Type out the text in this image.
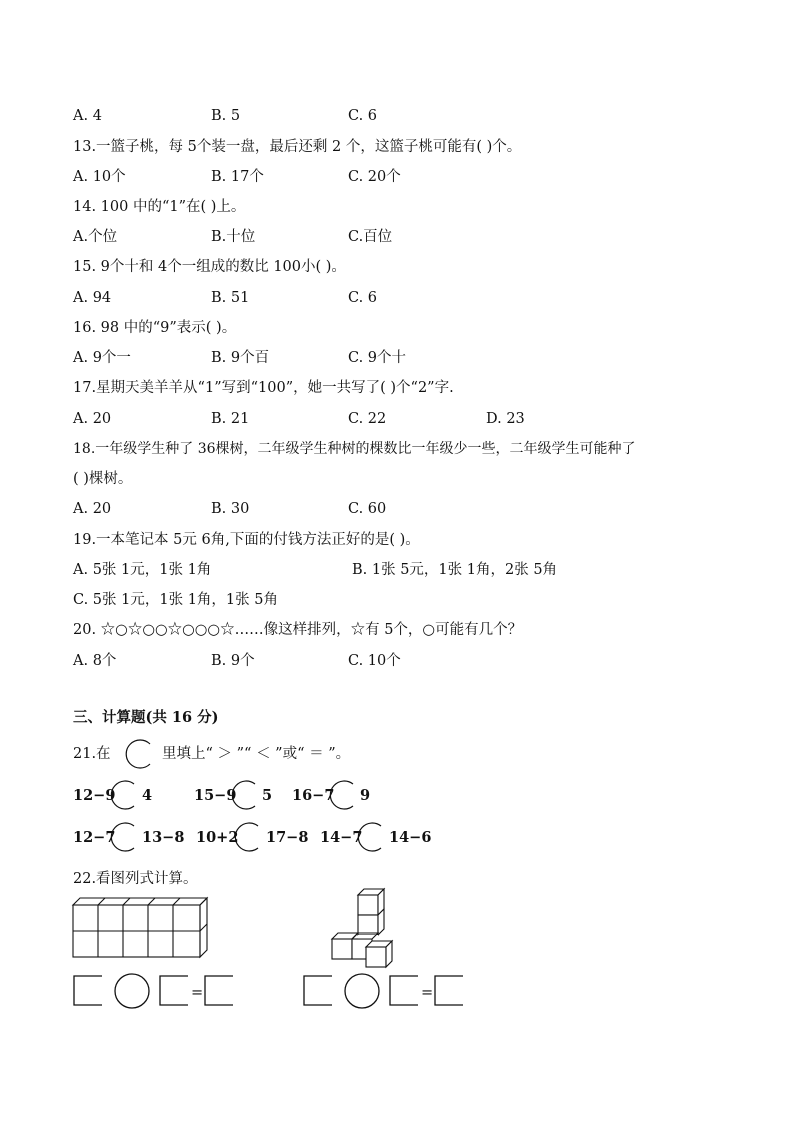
A. 4	B. 5	C. 6
13.一篮子桃，每 5个装一盘，最后还剩 2 个，这篮子桃可能有( )个。
A. 10个	B. 17个	C. 20个
14. 100 中的“1”在( )上。
A.个位	B.十位	C.百位
15. 9个十和 4个一组成的数比 100小( )。
A. 94	B. 51	C. 6
16. 98 中的“9”表示( )。
A. 9个一	B. 9个百	C. 9个十
17.星期天美羊羊从“1”写到“100”，她一共写了( )个“2”字.
A. 20	B. 21	C. 22	D. 23
18.一年级学生种了 36棵树，二年级学生种树的棵数比一年级少一些，二年级学生可能种了
( )棵树。
A. 20	B. 30	C. 60
19.一本笔记本 5元 6角,下面的付钱方法正好的是( )。
A. 5张 1元，1张 1角	B. 1张 5元，1张 1角，2张 5角
C. 5张 1元，1张 1角，1张 5角
20. ☆○☆○○☆○○○☆……像这样排列，☆有 5个，○可能有几个？
A. 8个	B. 9个	C. 10个
三、计算题(共 16 分)
21.在	里填上“ ＞ ”“ ＜ ”或“ ＝ ”。
12−9 4	15−9 5 16−7 9
12−7 13−8 10+2 17−8 14−7 14−6
22.看图列式计算。
=	=
